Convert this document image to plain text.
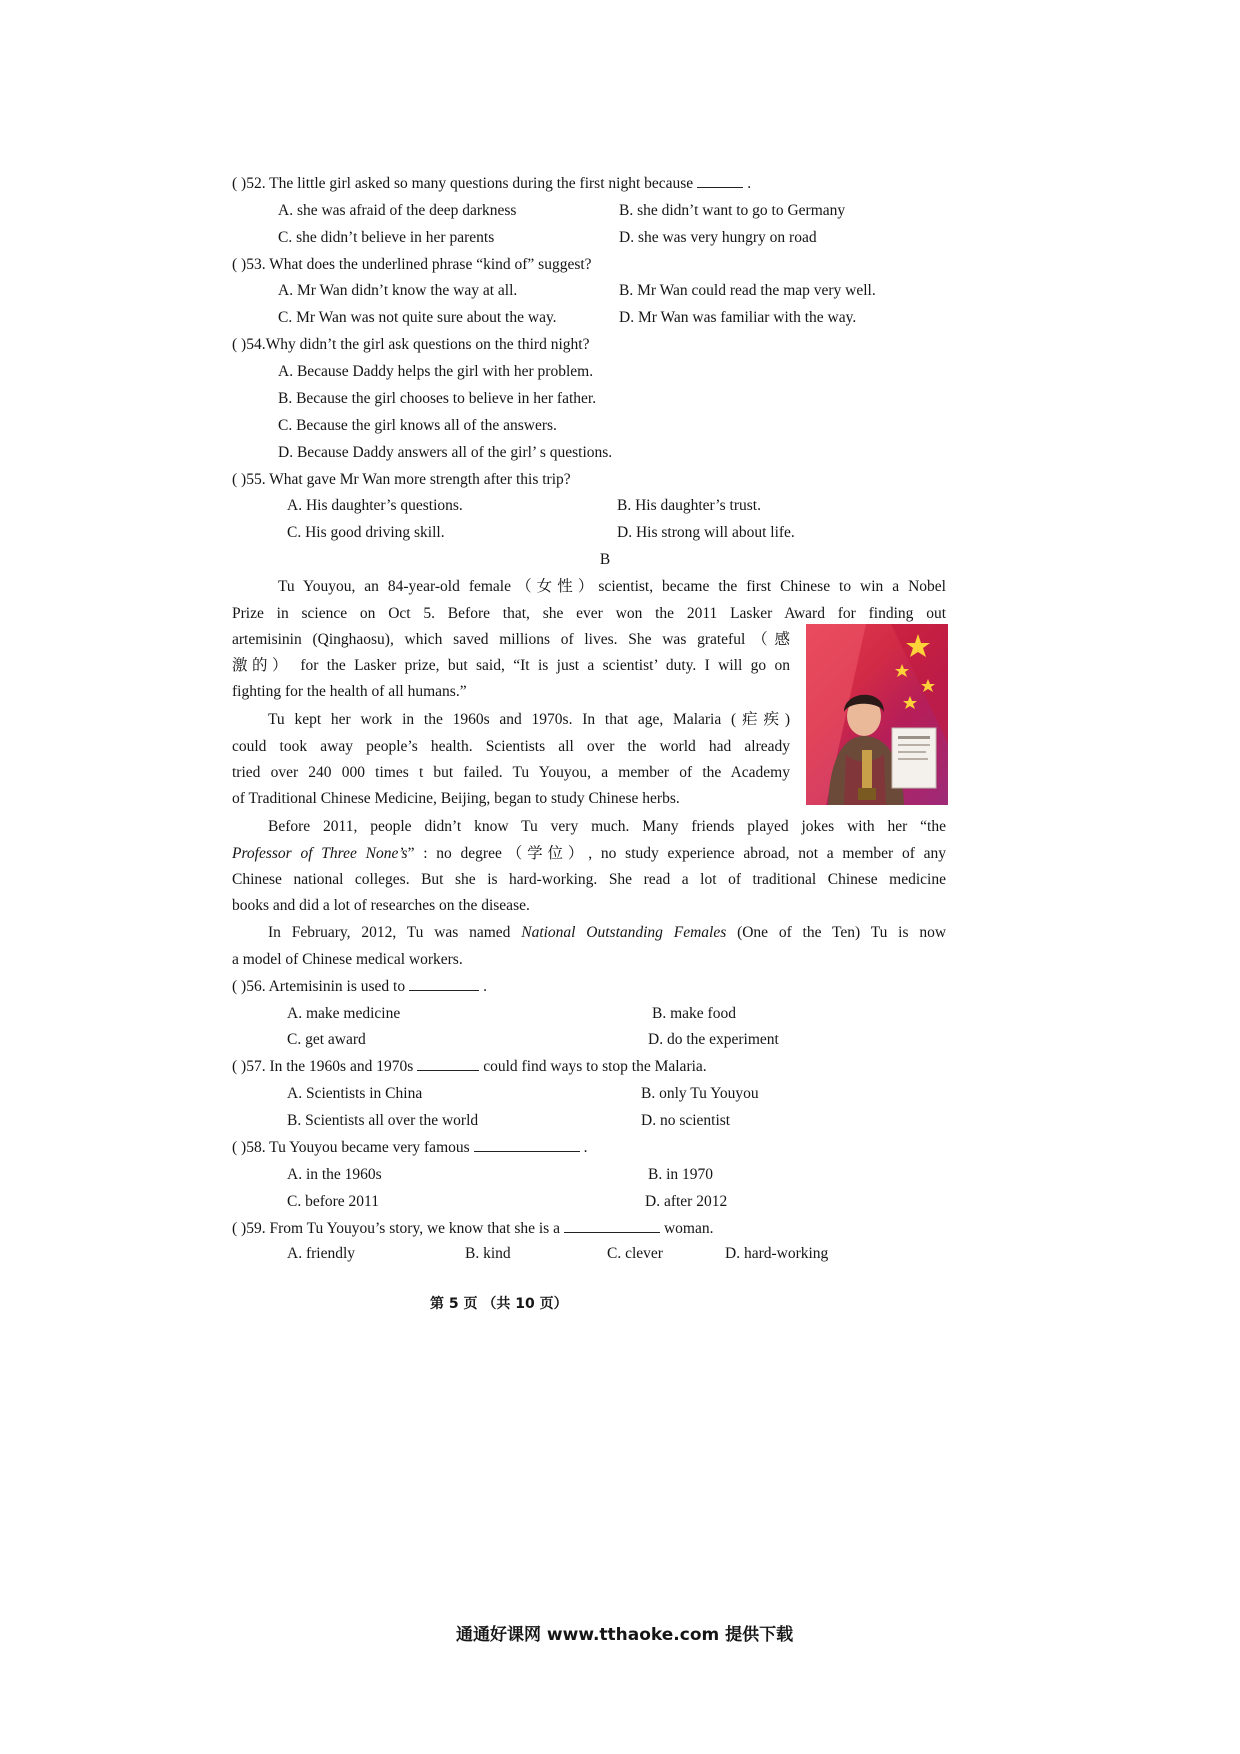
( )52. The little girl asked so many questions during the first night because	.
A. she was afraid of the deep darkness	B. she didn’t want to go to Germany
C. she didn’t believe in her parents	D. she was very hungry on road
( )53. What does the underlined phrase “kind of” suggest?
A. Mr Wan didn’t know the way at all.	B. Mr Wan could read the map very well.
C. Mr Wan was not quite sure about the way.	D. Mr Wan was familiar with the way.
( )54.Why didn’t the girl ask questions on the third night?
A. Because Daddy helps the girl with her problem.
B. Because the girl chooses to believe in her father.
C. Because the girl knows all of the answers.
D. Because Daddy answers all of the girl’ s questions.
( )55. What gave Mr Wan more strength after this trip?
A. His daughter’s questions.	B. His daughter’s trust.
C. His good driving skill.	D. His strong will about life.
B
Tu Youyou, an 84-year-old female（女性）scientist, became the first Chinese to win a Nobel
Prize in science on Oct 5. Before that, she ever won the 2011 Lasker Award for finding out
artemisinin (Qinghaosu), which saved millions of lives. She was grateful（感
激的） for the Lasker prize, but said, “It is just a scientist’ duty. I will go on
fighting for the health of all humans.”
Tu kept her work in the 1960s and 1970s. In that age, Malaria (疟疾)
could took away people’s health. Scientists all over the world had already
tried over 240 000 times t but failed. Tu Youyou, a member of the Academy
of Traditional Chinese Medicine, Beijing, began to study Chinese herbs.
Before 2011, people didn’t know Tu very much. Many friends played jokes with her “the
Professor of Three None’s” : no degree（学位）, no study experience abroad, not a member of any
Chinese national colleges. But she is hard-working. She read a lot of traditional Chinese medicine
books and did a lot of researches on the disease.
In February, 2012, Tu was named National Outstanding Females (One of the Ten) Tu is now
a model of Chinese medical workers.
( )56. Artemisinin is used to	.
A. make medicine	B. make food
C. get award	D. do the experiment
( )57. In the 1960s and 1970s	could find ways to stop the Malaria.
A. Scientists in China	B. only Tu Youyou
B. Scientists all over the world	D. no scientist
( )58. Tu Youyou became very famous	.
A. in the 1960s	B. in 1970
C. before 2011	D. after 2012
( )59. From Tu Youyou’s story, we know that she is a	woman.
A. friendly	B. kind	C. clever	D. hard-working
第 5 页 （共 10 页）
通通好课网 www.tthaoke.com 提供下载
